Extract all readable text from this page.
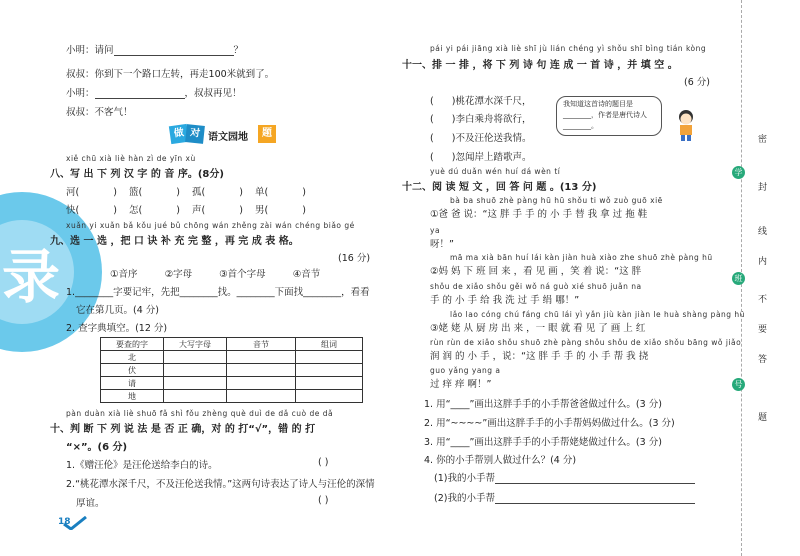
录
小明：请问	？
叔叔：你到下一个路口左转，再走100米就到了。
小明：	，叔叔再见！
叔叔：不客气！
做 对 语文园地	题
xiě chū xià liè hàn zì de yīn xù
八、写 出 下 列 汉 字 的 音 序。(8分)
河(	) 篮(	) 孤(	) 单(	)
快(	) 怎(	) 声(	) 男(	)
xuǎn yi xuǎn bǎ kǒu jué bǔ chōng wán zhěng zài wán chéng biǎo gé
九、选 一 选 ，把 口 诀 补 充 完 整 ，再 完 成 表 格。
(16 分)
①音序	②字母	③首个字母	④音节
1.________字要记牢，先把________找。________下面找________，看看
它在第几页。(4 分)
2. 查字典填空。(12 分)
要查的字	大写字母	音节	组词
北			
伏			
请			
地			
pàn duàn xià liè shuō fǎ shì fǒu zhèng què duì de dǎ cuò de dǎ
十、判 断 下 列 说 法 是 否 正 确，对 的 打“√”，错 的 打
“×”。(6 分)
1.《赠汪伦》是汪伦送给李白的诗。	( )
2.“桃花潭水深千尺，不及汪伦送我情。”这两句诗表达了诗人与汪伦的深情
厚谊。	( )
18
pái yi pái jiāng xià liè shī jù lián chéng yì shǒu shī bìng tián kòng
十一、排 一 排 ，将 下 列 诗 句 连 成 一 首 诗 ，并 填 空 。
(6 分)
( )桃花潭水深千尺，
( )李白乘舟将欲行，
( )不及汪伦送我情。
( )忽闻岸上踏歌声。
我知道这首诗的题目是________，作者是唐代诗人________。
yuè dú duǎn wén huí dá wèn tí
十二、阅 读 短 文 ，回 答 问 题 。(13 分)
bà ba shuō zhè pàng hū hū shǒu ti wǒ zuò guō xiē
①爸 爸 说：“这 胖 手 手 的 小 手 替 我 拿 过 拖 鞋
ya
呀！”
mā ma xià bān huí lái kàn jiàn huà xiào zhe shuō zhè pàng hū
②妈 妈 下 班 回 来 ，看 见 画 ，笑 着 说：“这 胖
shǒu de xiǎo shǒu gěi wǒ ná guò xié shuō juǎn na
手 的 小 手 给 我 洗 过 手 绢 哪！”
lǎo lao cóng chú fáng chū lái yì yǎn jiù kàn jiàn le huà shàng pàng hū
③姥 姥 从 厨 房 出 来 ，一 眼 就 看 见 了 画 上 红
rùn rùn de xiǎo shǒu shuō zhè pàng shǒu shǒu de xiǎo shǒu bāng wǒ jiǎo
润 润 的 小 手 ，说：“这 胖 手 手 的 小 手 帮 我 挠
guo yǎng yang a
过 痒 痒 啊！”
1. 用“____”画出这胖手手的小手帮爸爸做过什么。(3 分)
2. 用“~~~~”画出这胖手手的小手帮妈妈做过什么。(3 分)
3. 用“____”画出这胖手手的小手帮姥姥做过什么。(3 分)
4. 你的小手帮别人做过什么？(4 分)
(1)我的小手帮
(2)我的小手帮
学
班
号
密
封
线
内
不
要
答
题
